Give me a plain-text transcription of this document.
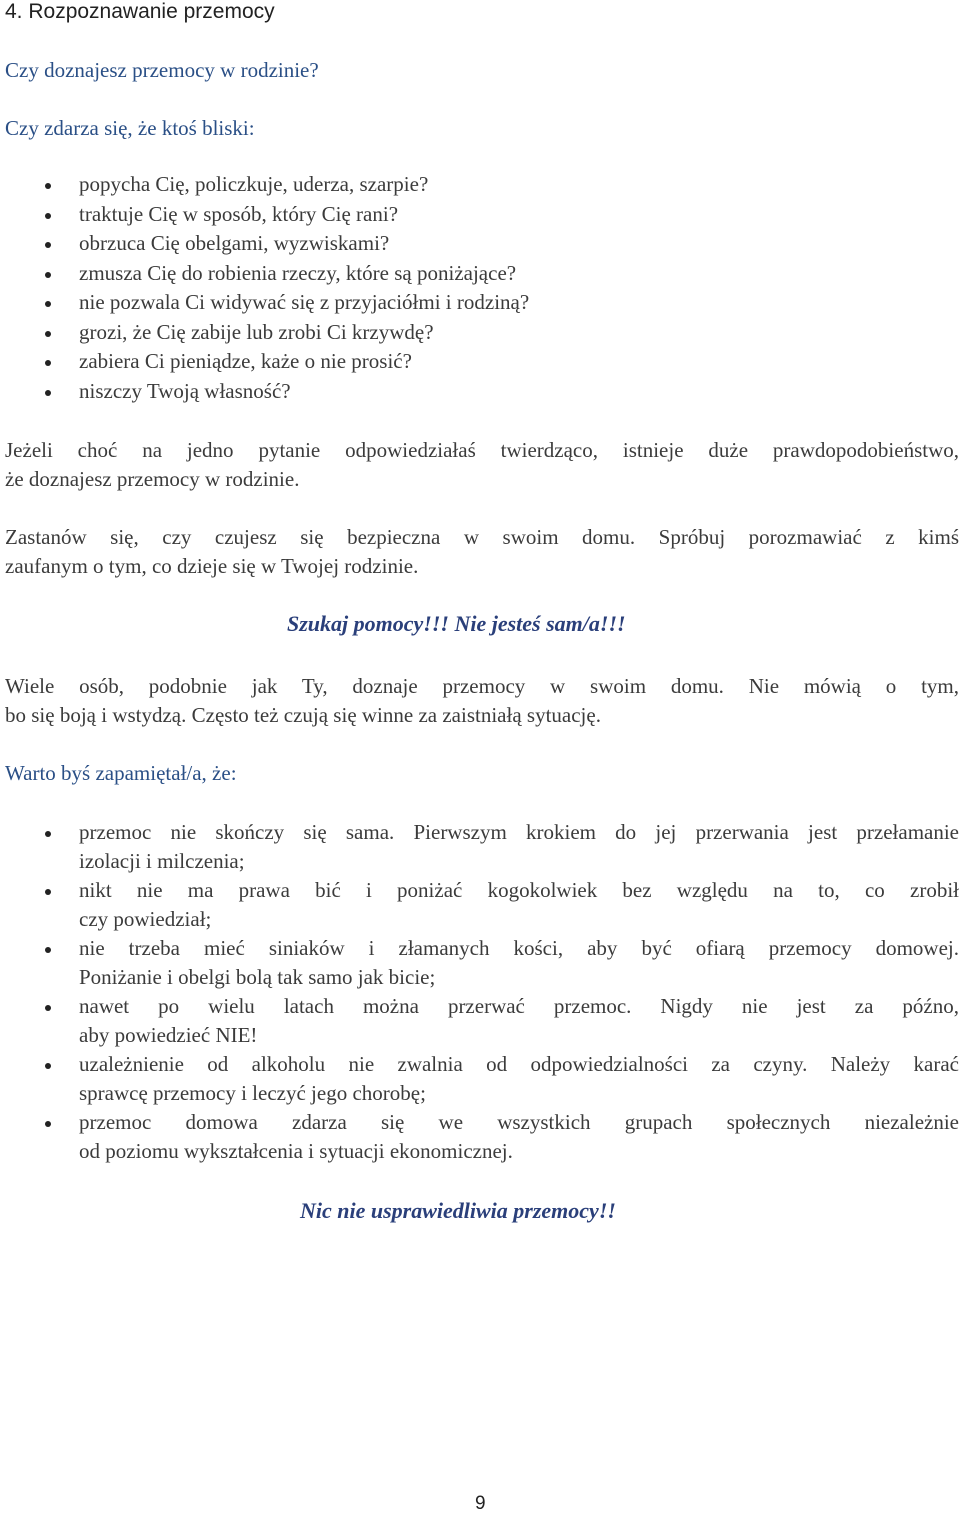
4. Rozpoznawanie przemocy

Czy doznajesz przemocy w rodzinie?

Czy zdarza się, że ktoś bliski:

popycha Cię, policzkuje, uderza, szarpie?
traktuje Cię w sposób, który Cię rani?
obrzuca Cię obelgami, wyzwiskami?
zmusza Cię do robienia rzeczy, które są poniżające?
nie pozwala Ci widywać się z przyjaciółmi i rodziną?
grozi, że Cię zabije lub zrobi Ci krzywdę?
zabiera Ci pieniądze, każe o nie prosić?
niszczy Twoją własność?
Jeżeli choć na jedno pytanie odpowiedziałaś twierdząco, istnieje duże prawdopodobieństwo,
że doznajesz przemocy w rodzinie.
Zastanów się, czy czujesz się bezpieczna w swoim domu. Spróbuj porozmawiać z kimś
zaufanym o tym, co dzieje się w Twojej rodzinie.
Szukaj pomocy!!! Nie jesteś sam/a!!!
Wiele osób, podobnie jak Ty, doznaje przemocy w swoim domu. Nie mówią o tym,
bo się boją i wstydzą. Często też czują się winne za zaistniałą sytuację.

Warto byś zapamiętał/a, że:

przemoc nie skończy się sama. Pierwszym krokiem do jej przerwania jest przełamanie
izolacji i milczenia;
nikt nie ma prawa bić i poniżać kogokolwiek bez względu na to, co zrobił
czy powiedział;
nie trzeba mieć siniaków i złamanych kości, aby być ofiarą przemocy domowej.
Poniżanie i obelgi bolą tak samo jak bicie;
nawet po wielu latach można przerwać przemoc. Nigdy nie jest za późno,
aby powiedzieć NIE!
uzależnienie od alkoholu nie zwalnia od odpowiedzialności za czyny. Należy karać
sprawcę przemocy i leczyć jego chorobę;
przemoc domowa zdarza się we wszystkich grupach społecznych niezależnie
od poziomu wykształcenia i sytuacji ekonomicznej.
Nic nie usprawiedliwia przemocy!!
9
